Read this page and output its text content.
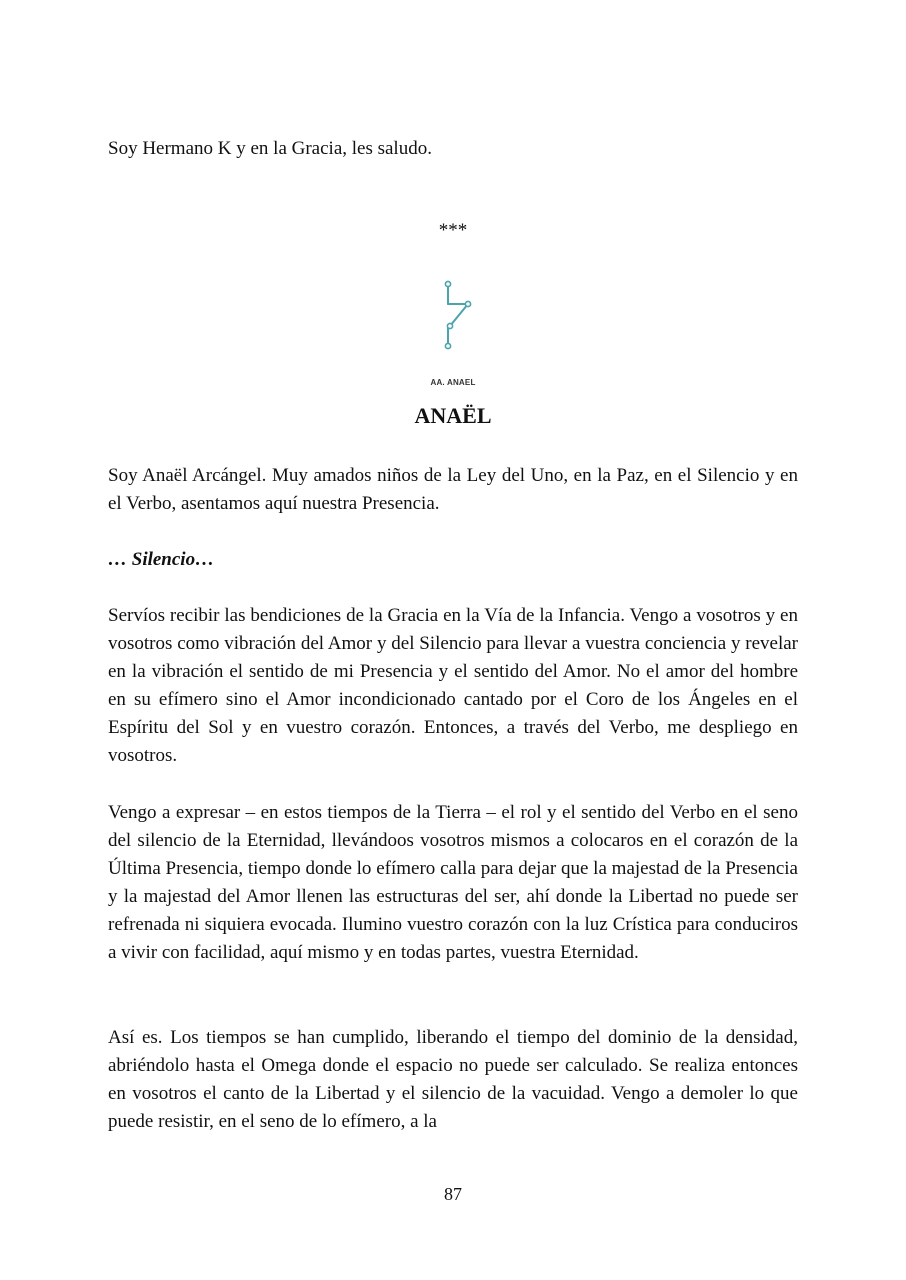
Soy Hermano K y en la Gracia, les saludo.
***
AA. ANAEL
ANAËL
Soy Anaël Arcángel. Muy amados niños de la Ley del Uno, en la Paz, en el Silencio y en el Verbo, asentamos aquí nuestra Presencia.
… Silencio…
Servíos recibir las bendiciones de la Gracia en la Vía de la Infancia. Vengo a vosotros y en vosotros como vibración del Amor y del Silencio para llevar a vuestra conciencia y revelar en la vibración el sentido de mi Presencia y el sentido del Amor. No el amor del hombre en su efímero sino el Amor incondicionado cantado por el Coro de los Ángeles en el Espíritu del Sol y en vuestro corazón. Entonces, a través del Verbo, me despliego en vosotros.
Vengo a expresar – en estos tiempos de la Tierra – el rol y el sentido del Verbo en el seno del silencio de la Eternidad, llevándoos vosotros mismos a colocaros en el corazón de la Última Presencia, tiempo donde lo efímero calla para dejar que la majestad de la Presencia y la majestad del Amor llenen las estructuras del ser, ahí donde la Libertad no puede ser refrenada ni siquiera evocada. Ilumino vuestro corazón con la luz Crística para conduciros a vivir con facilidad, aquí mismo y en todas partes, vuestra Eternidad.
Así es. Los tiempos se han cumplido, liberando el tiempo del dominio de la densidad, abriéndolo hasta el Omega donde el espacio no puede ser calculado. Se realiza entonces en vosotros el canto de la Libertad y el silencio de la vacuidad. Vengo a demoler lo que puede resistir, en el seno de lo efímero, a la
87
